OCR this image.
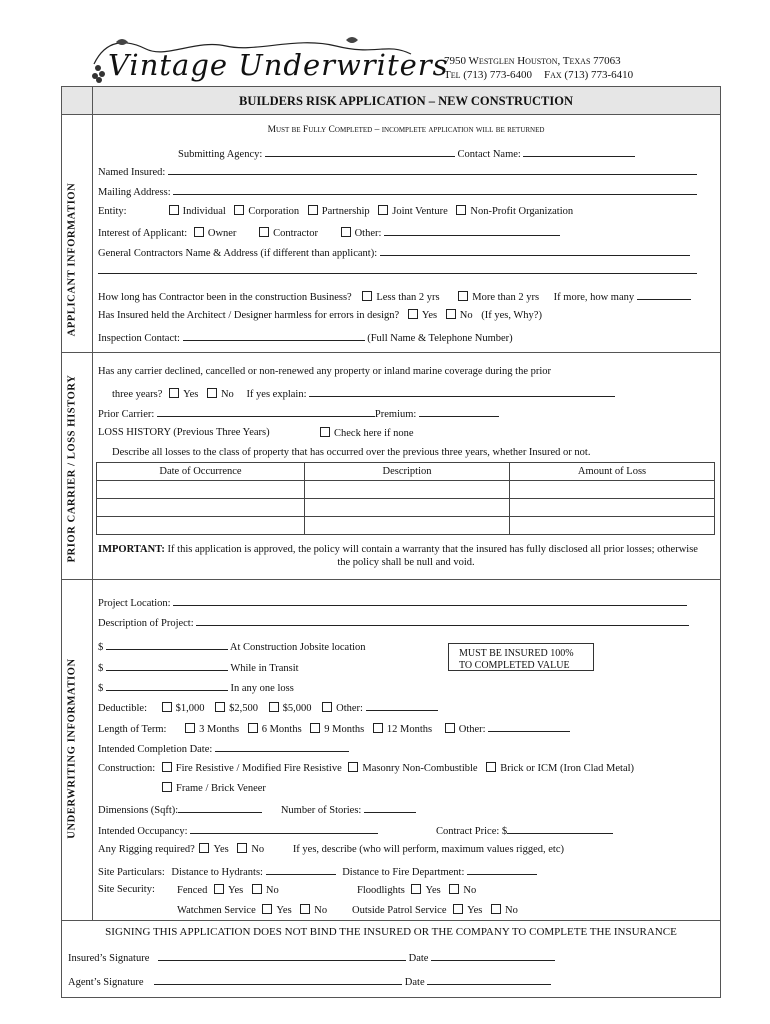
Vintage Underwriters
7950 Westglen Houston, Texas 77063
Tel (713) 773-6400 Fax (713) 773-6410
BUILDERS RISK APPLICATION – NEW CONSTRUCTION
APPLICANT INFORMATION
PRIOR CARRIER / LOSS HISTORY
UNDERWRITING INFORMATION
Must be Fully Completed – incomplete application will be returned
Submitting Agency:	Contact Name:
Named Insured:
Mailing Address:
Entity:	Individual Corporation Partnership Joint Venture Non-Profit Organization
Interest of Applicant: Owner	Contractor	Other:
General Contractors Name & Address (if different than applicant):
How long has Contractor been in the construction Business? Less than 2 yrs	More than 2 yrs If more, how many
Has Insured held the Architect / Designer harmless for errors in design? Yes No (If yes, Why?)
Inspection Contact:	(Full Name & Telephone Number)
Has any carrier declined, cancelled or non-renewed any property or inland marine coverage during the prior
three years? Yes No If yes explain:
Prior Carrier:	Premium:
LOSS HISTORY (Previous Three Years)	Check here if none
Describe all losses to the class of property that has occurred over the previous three years, whether Insured or not.
Date of Occurrence	Description	Amount of Loss

IMPORTANT: If this application is approved, the policy will contain a warranty that the insured has fully disclosed all prior losses; otherwise
the policy shall be null and void.
Project Location:
Description of Project:
$	At Construction Jobsite location
$	While in Transit
$	In any one loss
MUST BE INSURED 100%
TO COMPLETED VALUE
Deductible:	$1,000 $2,500 $5,000 Other:
Length of Term:	3 Months 6 Months 9 Months 12 Months	Other:
Intended Completion Date:
Construction: Fire Resistive / Modified Fire Resistive Masonry Non-Combustible Brick or ICM (Iron Clad Metal)
Frame / Brick Veneer
Dimensions (Sqft):	Number of Stories:
Intended Occupancy:	Contract Price: $
Any Rigging required? Yes No	If yes, describe (who will perform, maximum values rigged, etc)
Site Particulars: Distance to Hydrants:	Distance to Fire Department:
Site Security: Fenced Yes No	Floodlights Yes No
Watchmen Service Yes No Outside Patrol Service Yes No
SIGNING THIS APPLICATION DOES NOT BIND THE INSURED OR THE COMPANY TO COMPLETE THE INSURANCE
Insured’s Signature	Date
Agent’s Signature	Date
